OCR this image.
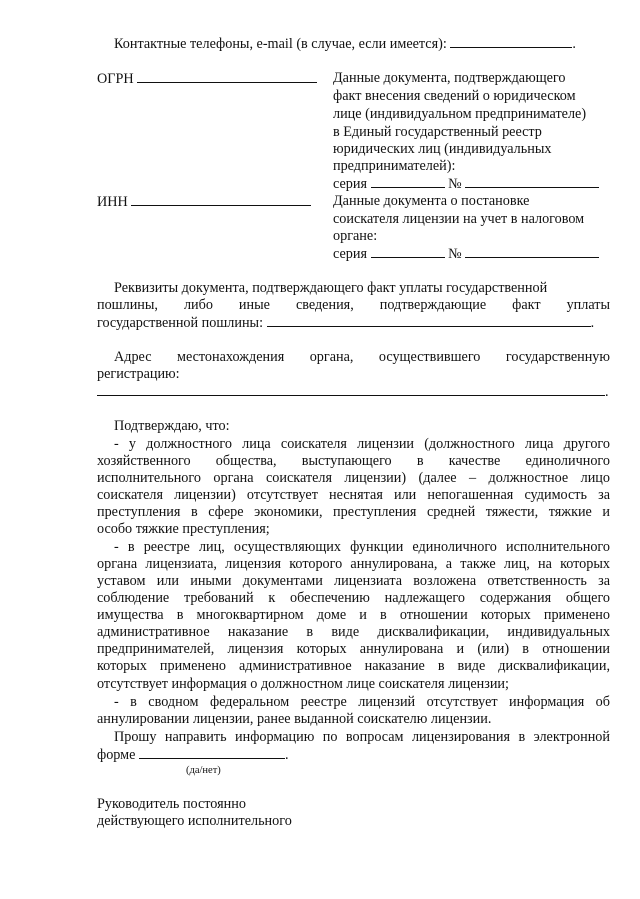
Контактные телефоны, e-mail (в случае, если имеется):	.
ОГРН	Данные документа, подтверждающего
факт внесения сведений о юридическом
лице (индивидуальном предпринимателе)
в Единый государственный реестр
юридических лиц (индивидуальных
предпринимателей):
серия	№
ИНН	Данные документа о постановке
соискателя лицензии на учет в налоговом
органе:
серия	№
Реквизиты документа, подтверждающего факт уплаты государственной
пошлины, либо иные сведения, подтверждающие факт уплаты
государственной пошлины:	.
Адрес местонахождения органа, осуществившего государственную
регистрацию:
.
Подтверждаю, что:
- у должностного лица соискателя лицензии (должностного лица другого
хозяйственного общества, выступающего в качестве единоличного
исполнительного органа соискателя лицензии) (далее – должностное лицо
соискателя лицензии) отсутствует неснятая или непогашенная судимость за
преступления в сфере экономики, преступления средней тяжести, тяжкие и
особо тяжкие преступления;
- в реестре лиц, осуществляющих функции единоличного исполнительного
органа лицензиата, лицензия которого аннулирована, а также лиц, на которых
уставом или иными документами лицензиата возложена ответственность за
соблюдение требований к обеспечению надлежащего содержания общего
имущества в многоквартирном доме и в отношении которых применено
административное наказание в виде дисквалификации, индивидуальных
предпринимателей, лицензия которых аннулирована и (или) в отношении
которых применено административное наказание в виде дисквалификации,
отсутствует информация о должностном лице соискателя лицензии;
- в сводном федеральном реестре лицензий отсутствует информация об
аннулировании лицензии, ранее выданной соискателю лицензии.
Прошу направить информацию по вопросам лицензирования в электронной
форме	.
(да/нет)
Руководитель постоянно
действующего исполнительного
